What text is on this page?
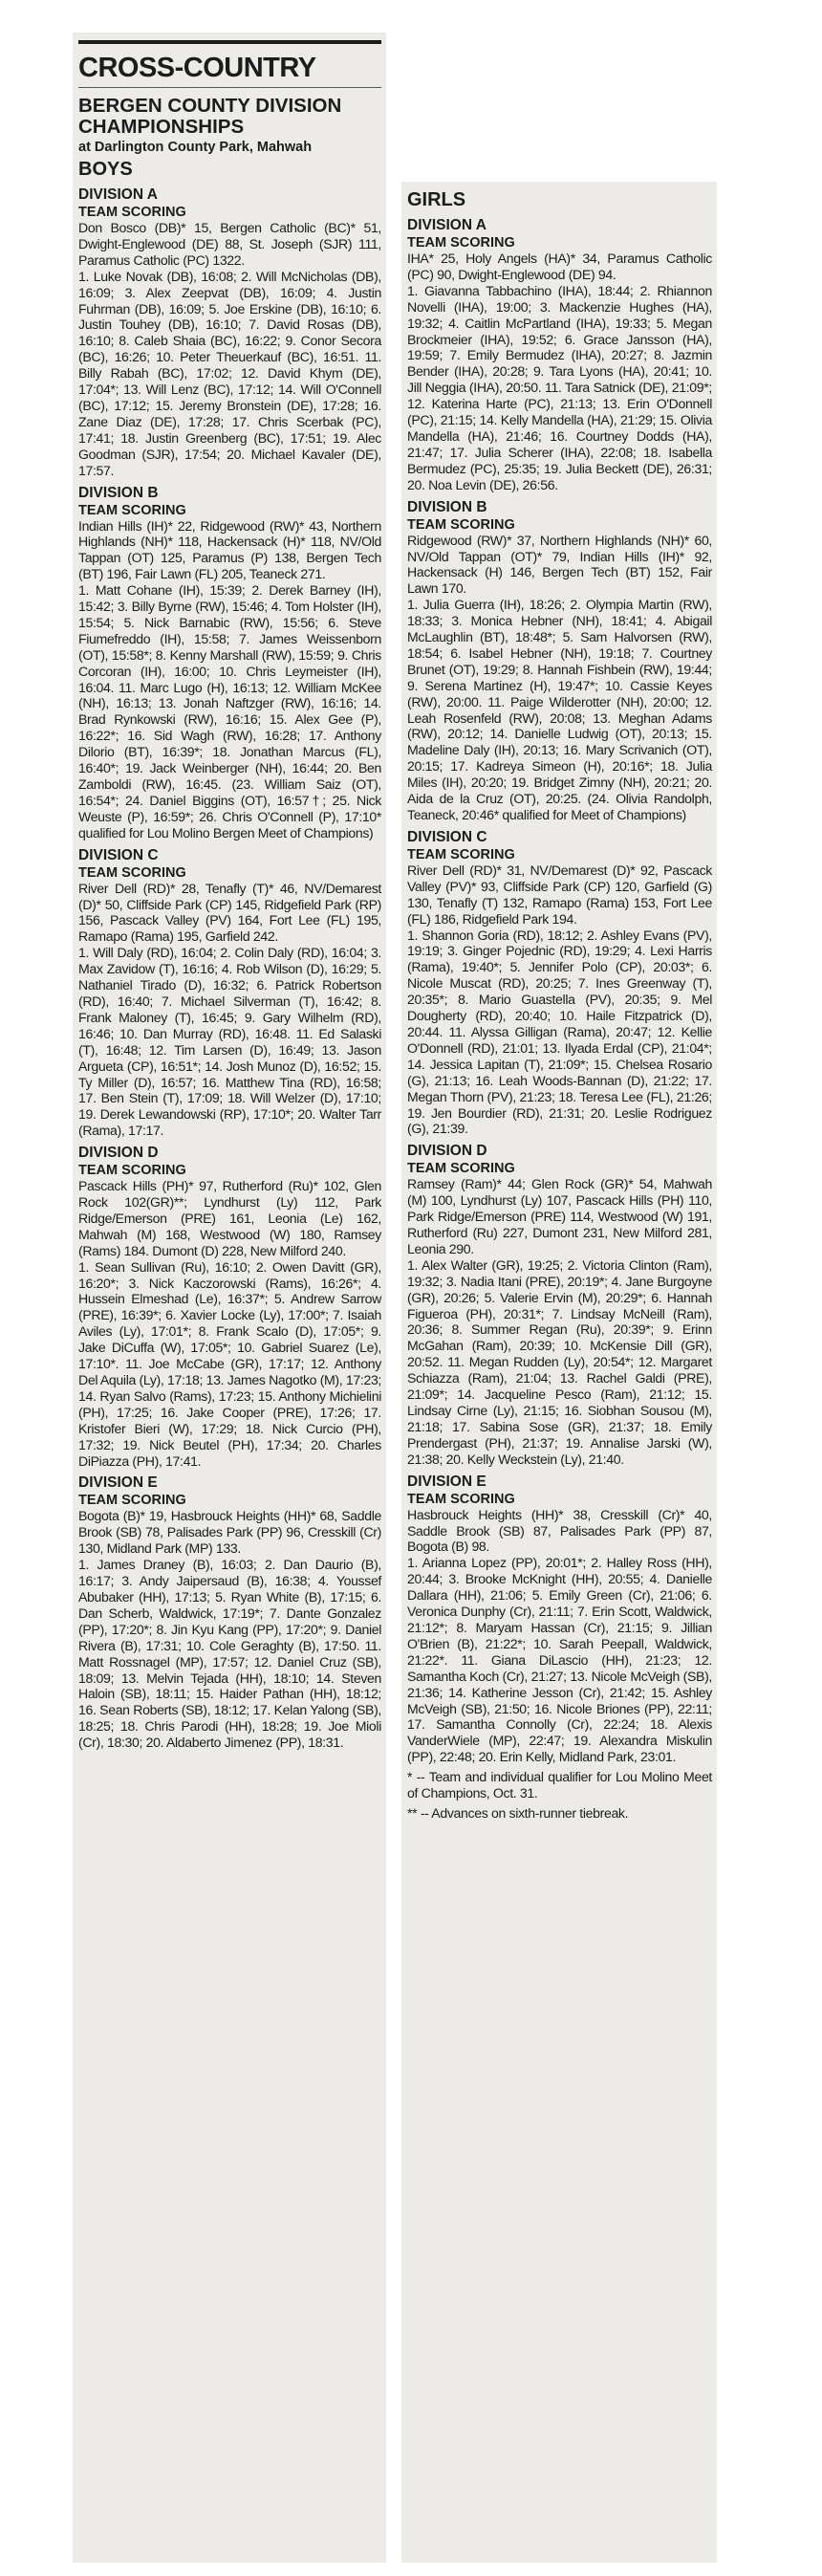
CROSS-COUNTRY
BERGEN COUNTY DIVISION CHAMPIONSHIPS
at Darlington County Park, Mahwah
BOYS
DIVISION A
TEAM SCORING

Don Bosco (DB)* 15, Bergen Catholic (BC)* 51, Dwight-Englewood (DE) 88, St. Joseph (SJR) 111, Paramus Catholic (PC) 1322.

1. Luke Novak (DB), 16:08; 2. Will McNicholas (DB), 16:09; 3. Alex Zeepvat (DB), 16:09; 4. Justin Fuhrman (DB), 16:09; 5. Joe Erskine (DB), 16:10; 6. Justin Touhey (DB), 16:10; 7. David Rosas (DB), 16:10; 8. Caleb Shaia (BC), 16:22; 9. Conor Secora (BC), 16:26; 10. Peter Theuerkauf (BC), 16:51. 11. Billy Rabah (BC), 17:02; 12. David Khym (DE), 17:04*; 13. Will Lenz (BC), 17:12; 14. Will O'Connell (BC), 17:12; 15. Jeremy Bronstein (DE), 17:28; 16. Zane Diaz (DE), 17:28; 17. Chris Scerbak (PC), 17:41; 18. Justin Greenberg (BC), 17:51; 19. Alec Goodman (SJR), 17:54; 20. Michael Kavaler (DE), 17:57.

DIVISION B
TEAM SCORING

Indian Hills (IH)* 22, Ridgewood (RW)* 43, Northern Highlands (NH)* 118, Hackensack (H)* 118, NV/Old Tappan (OT) 125, Paramus (P) 138, Bergen Tech (BT) 196, Fair Lawn (FL) 205, Teaneck 271.

1. Matt Cohane (IH), 15:39; 2. Derek Barney (IH), 15:42; 3. Billy Byrne (RW), 15:46; 4. Tom Holster (IH), 15:54; 5. Nick Barnabic (RW), 15:56; 6. Steve Fiumefreddo (IH), 15:58; 7. James Weissenborn (OT), 15:58*; 8. Kenny Marshall (RW), 15:59; 9. Chris Corcoran (IH), 16:00; 10. Chris Leymeister (IH), 16:04. 11. Marc Lugo (H), 16:13; 12. William McKee (NH), 16:13; 13. Jonah Naftzger (RW), 16:16; 14. Brad Rynkowski (RW), 16:16; 15. Alex Gee (P), 16:22*; 16. Sid Wagh (RW), 16:28; 17. Anthony Dilorio (BT), 16:39*; 18. Jonathan Marcus (FL), 16:40*; 19. Jack Weinberger (NH), 16:44; 20. Ben Zamboldi (RW), 16:45. (23. William Saiz (OT), 16:54*; 24. Daniel Biggins (OT), 16:57†; 25. Nick Weuste (P), 16:59*; 26. Chris O'Connell (P), 17:10* qualified for Lou Molino Bergen Meet of Champions)

DIVISION C
TEAM SCORING

River Dell (RD)* 28, Tenafly (T)* 46, NV/Demarest (D)* 50, Cliffside Park (CP) 145, Ridgefield Park (RP) 156, Pascack Valley (PV) 164, Fort Lee (FL) 195, Ramapo (Rama) 195, Garfield 242.

1. Will Daly (RD), 16:04; 2. Colin Daly (RD), 16:04; 3. Max Zavidow (T), 16:16; 4. Rob Wilson (D), 16:29; 5. Nathaniel Tirado (D), 16:32; 6. Patrick Robertson (RD), 16:40; 7. Michael Silverman (T), 16:42; 8. Frank Maloney (T), 16:45; 9. Gary Wilhelm (RD), 16:46; 10. Dan Murray (RD), 16:48. 11. Ed Salaski (T), 16:48; 12. Tim Larsen (D), 16:49; 13. Jason Argueta (CP), 16:51*; 14. Josh Munoz (D), 16:52; 15. Ty Miller (D), 16:57; 16. Matthew Tina (RD), 16:58; 17. Ben Stein (T), 17:09; 18. Will Welzer (D), 17:10; 19. Derek Lewandowski (RP), 17:10*; 20. Walter Tarr (Rama), 17:17.

DIVISION D
TEAM SCORING

Pascack Hills (PH)* 97, Rutherford (Ru)* 102, Glen Rock 102(GR)**; Lyndhurst (Ly) 112, Park Ridge/Emerson (PRE) 161, Leonia (Le) 162, Mahwah (M) 168, Westwood (W) 180, Ramsey (Rams) 184. Dumont (D) 228, New Milford 240.

1. Sean Sullivan (Ru), 16:10; 2. Owen Davitt (GR), 16:20*; 3. Nick Kaczorowski (Rams), 16:26*; 4. Hussein Elmeshad (Le), 16:37*; 5. Andrew Sarrow (PRE), 16:39*; 6. Xavier Locke (Ly), 17:00*; 7. Isaiah Aviles (Ly), 17:01*; 8. Frank Scalo (D), 17:05*; 9. Jake DiCuffa (W), 17:05*; 10. Gabriel Suarez (Le), 17:10*. 11. Joe McCabe (GR), 17:17; 12. Anthony Del Aquila (Ly), 17:18; 13. James Nagotko (M), 17:23; 14. Ryan Salvo (Rams), 17:23; 15. Anthony Michielini (PH), 17:25; 16. Jake Cooper (PRE), 17:26; 17. Kristofer Bieri (W), 17:29; 18. Nick Curcio (PH), 17:32; 19. Nick Beutel (PH), 17:34; 20. Charles DiPiazza (PH), 17:41.

DIVISION E
TEAM SCORING

Bogota (B)* 19, Hasbrouck Heights (HH)* 68, Saddle Brook (SB) 78, Palisades Park (PP) 96, Cresskill (Cr) 130, Midland Park (MP) 133.

1. James Draney (B), 16:03; 2. Dan Daurio (B), 16:17; 3. Andy Jaipersaud (B), 16:38; 4. Youssef Abubaker (HH), 17:13; 5. Ryan White (B), 17:15; 6. Dan Scherb, Waldwick, 17:19*; 7. Dante Gonzalez (PP), 17:20*; 8. Jin Kyu Kang (PP), 17:20*; 9. Daniel Rivera (B), 17:31; 10. Cole Geraghty (B), 17:50. 11. Matt Rossnagel (MP), 17:57; 12. Daniel Cruz (SB), 18:09; 13. Melvin Tejada (HH), 18:10; 14. Steven Haloin (SB), 18:11; 15. Haider Pathan (HH), 18:12; 16. Sean Roberts (SB), 18:12; 17. Kelan Yalong (SB), 18:25; 18. Chris Parodi (HH), 18:28; 19. Joe Mioli (Cr), 18:30; 20. Aldaberto Jimenez (PP), 18:31.

GIRLS
DIVISION A
TEAM SCORING

IHA* 25, Holy Angels (HA)* 34, Paramus Catholic (PC) 90, Dwight-Englewood (DE) 94.

1. Giavanna Tabbachino (IHA), 18:44; 2. Rhiannon Novelli (IHA), 19:00; 3. Mackenzie Hughes (HA), 19:32; 4. Caitlin McPartland (IHA), 19:33; 5. Megan Brockmeier (IHA), 19:52; 6. Grace Jansson (HA), 19:59; 7. Emily Bermudez (IHA), 20:27; 8. Jazmin Bender (IHA), 20:28; 9. Tara Lyons (HA), 20:41; 10. Jill Neggia (IHA), 20:50. 11. Tara Satnick (DE), 21:09*; 12. Katerina Harte (PC), 21:13; 13. Erin O'Donnell (PC), 21:15; 14. Kelly Mandella (HA), 21:29; 15. Olivia Mandella (HA), 21:46; 16. Courtney Dodds (HA), 21:47; 17. Julia Scherer (IHA), 22:08; 18. Isabella Bermudez (PC), 25:35; 19. Julia Beckett (DE), 26:31; 20. Noa Levin (DE), 26:56.

DIVISION B
TEAM SCORING

Ridgewood (RW)* 37, Northern Highlands (NH)* 60, NV/Old Tappan (OT)* 79, Indian Hills (IH)* 92, Hackensack (H) 146, Bergen Tech (BT) 152, Fair Lawn 170.

1. Julia Guerra (IH), 18:26; 2. Olympia Martin (RW), 18:33; 3. Monica Hebner (NH), 18:41; 4. Abigail McLaughlin (BT), 18:48*; 5. Sam Halvorsen (RW), 18:54; 6. Isabel Hebner (NH), 19:18; 7. Courtney Brunet (OT), 19:29; 8. Hannah Fishbein (RW), 19:44; 9. Serena Martinez (H), 19:47*; 10. Cassie Keyes (RW), 20:00. 11. Paige Wilderotter (NH), 20:00; 12. Leah Rosenfeld (RW), 20:08; 13. Meghan Adams (RW), 20:12; 14. Danielle Ludwig (OT), 20:13; 15. Madeline Daly (IH), 20:13; 16. Mary Scrivanich (OT), 20:15; 17. Kadreya Simeon (H), 20:16*; 18. Julia Miles (IH), 20:20; 19. Bridget Zimny (NH), 20:21; 20. Aida de la Cruz (OT), 20:25. (24. Olivia Randolph, Teaneck, 20:46* qualified for Meet of Champions)

DIVISION C
TEAM SCORING

River Dell (RD)* 31, NV/Demarest (D)* 92, Pascack Valley (PV)* 93, Cliffside Park (CP) 120, Garfield (G) 130, Tenafly (T) 132, Ramapo (Rama) 153, Fort Lee (FL) 186, Ridgefield Park 194.

1. Shannon Goria (RD), 18:12; 2. Ashley Evans (PV), 19:19; 3. Ginger Pojednic (RD), 19:29; 4. Lexi Harris (Rama), 19:40*; 5. Jennifer Polo (CP), 20:03*; 6. Nicole Muscat (RD), 20:25; 7. Ines Greenway (T), 20:35*; 8. Mario Guastella (PV), 20:35; 9. Mel Dougherty (RD), 20:40; 10. Haile Fitzpatrick (D), 20:44. 11. Alyssa Gilligan (Rama), 20:47; 12. Kellie O'Donnell (RD), 21:01; 13. Ilyada Erdal (CP), 21:04*; 14. Jessica Lapitan (T), 21:09*; 15. Chelsea Rosario (G), 21:13; 16. Leah Woods-Bannan (D), 21:22; 17. Megan Thorn (PV), 21:23; 18. Teresa Lee (FL), 21:26; 19. Jen Bourdier (RD), 21:31; 20. Leslie Rodriguez (G), 21:39.

DIVISION D
TEAM SCORING

Ramsey (Ram)* 44; Glen Rock (GR)* 54, Mahwah (M) 100, Lyndhurst (Ly) 107, Pascack Hills (PH) 110, Park Ridge/Emerson (PRE) 114, Westwood (W) 191, Rutherford (Ru) 227, Dumont 231, New Milford 281, Leonia 290.

1. Alex Walter (GR), 19:25; 2. Victoria Clinton (Ram), 19:32; 3. Nadia Itani (PRE), 20:19*; 4. Jane Burgoyne (GR), 20:26; 5. Valerie Ervin (M), 20:29*; 6. Hannah Figueroa (PH), 20:31*; 7. Lindsay McNeill (Ram), 20:36; 8. Summer Regan (Ru), 20:39*; 9. Erinn McGahan (Ram), 20:39; 10. McKensie Dill (GR), 20:52. 11. Megan Rudden (Ly), 20:54*; 12. Margaret Schiazza (Ram), 21:04; 13. Rachel Galdi (PRE), 21:09*; 14. Jacqueline Pesco (Ram), 21:12; 15. Lindsay Cirne (Ly), 21:15; 16. Siobhan Sousou (M), 21:18; 17. Sabina Sose (GR), 21:37; 18. Emily Prendergast (PH), 21:37; 19. Annalise Jarski (W), 21:38; 20. Kelly Weckstein (Ly), 21:40.

DIVISION E
TEAM SCORING

Hasbrouck Heights (HH)* 38, Cresskill (Cr)* 40, Saddle Brook (SB) 87, Palisades Park (PP) 87, Bogota (B) 98.

1. Arianna Lopez (PP), 20:01*; 2. Halley Ross (HH), 20:44; 3. Brooke McKnight (HH), 20:55; 4. Danielle Dallara (HH), 21:06; 5. Emily Green (Cr), 21:06; 6. Veronica Dunphy (Cr), 21:11; 7. Erin Scott, Waldwick, 21:12*; 8. Maryam Hassan (Cr), 21:15; 9. Jillian O'Brien (B), 21:22*; 10. Sarah Peepall, Waldwick, 21:22*. 11. Giana DiLascio (HH), 21:23; 12. Samantha Koch (Cr), 21:27; 13. Nicole McVeigh (SB), 21:36; 14. Katherine Jesson (Cr), 21:42; 15. Ashley McVeigh (SB), 21:50; 16. Nicole Briones (PP), 22:11; 17. Samantha Connolly (Cr), 22:24; 18. Alexis VanderWiele (MP), 22:47; 19. Alexandra Miskulin (PP), 22:48; 20. Erin Kelly, Midland Park, 23:01.

* -- Team and individual qualifier for Lou Molino Meet of Champions, Oct. 31.

** -- Advances on sixth-runner tiebreak.
